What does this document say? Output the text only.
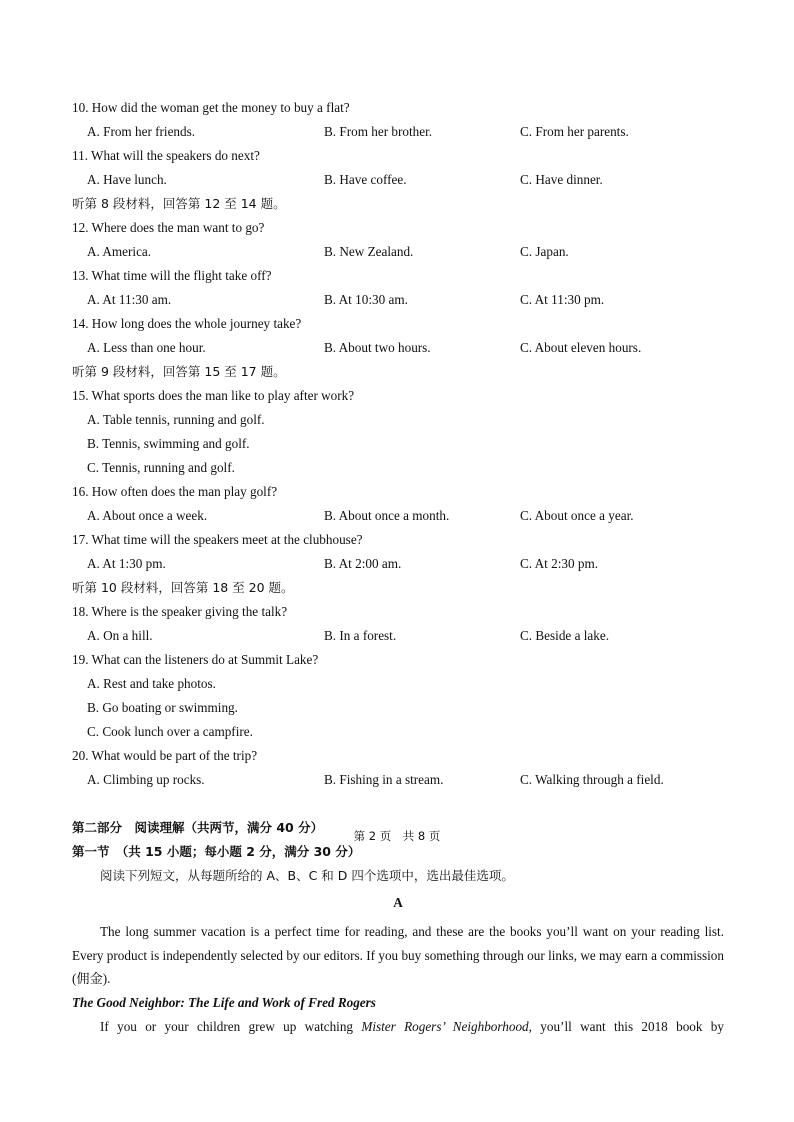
10. How did the woman get the money to buy a flat?
A. From her friends.	B. From her brother.	C. From her parents.
11. What will the speakers do next?
A. Have lunch.	B. Have coffee.	C. Have dinner.
听第 8 段材料，回答第 12 至 14 题。
12. Where does the man want to go?
A. America.	B. New Zealand.	C. Japan.
13. What time will the flight take off?
A. At 11:30 am.	B. At 10:30 am.	C. At 11:30 pm.
14. How long does the whole journey take?
A. Less than one hour.	B. About two hours.	C. About eleven hours.
听第 9 段材料，回答第 15 至 17 题。
15. What sports does the man like to play after work?
A. Table tennis, running and golf.
B. Tennis, swimming and golf.
C. Tennis, running and golf.
16. How often does the man play golf?
A. About once a week.	B. About once a month.	C. About once a year.
17. What time will the speakers meet at the clubhouse?
A. At 1:30 pm.	B. At 2:00 am.	C. At 2:30 pm.
听第 10 段材料，回答第 18 至 20 题。
18. Where is the speaker giving the talk?
A. On a hill.	B. In a forest.	C. Beside a lake.
19. What can the listeners do at Summit Lake?
A. Rest and take photos.
B. Go boating or swimming.
C. Cook lunch over a campfire.
20. What would be part of the trip?
A. Climbing up rocks.	B. Fishing in a stream.	C. Walking through a field.
第二部分　阅读理解（共两节，满分 40 分）
第一节　（共 15 小题；每小题 2 分，满分 30 分）
阅读下列短文，从每题所给的 A、B、C 和 D 四个选项中，选出最佳选项。
A

The long summer vacation is a perfect time for reading, and these are the books you’ll want on your reading list. Every product is independently selected by our editors. If you buy something through our links, we may earn a commission (佣金).

The Good Neighbor: The Life and Work of Fred Rogers
If you or your children grew up watching Mister Rogers’ Neighborhood, you’ll want this 2018 book by
第 2 页　共 8 页
